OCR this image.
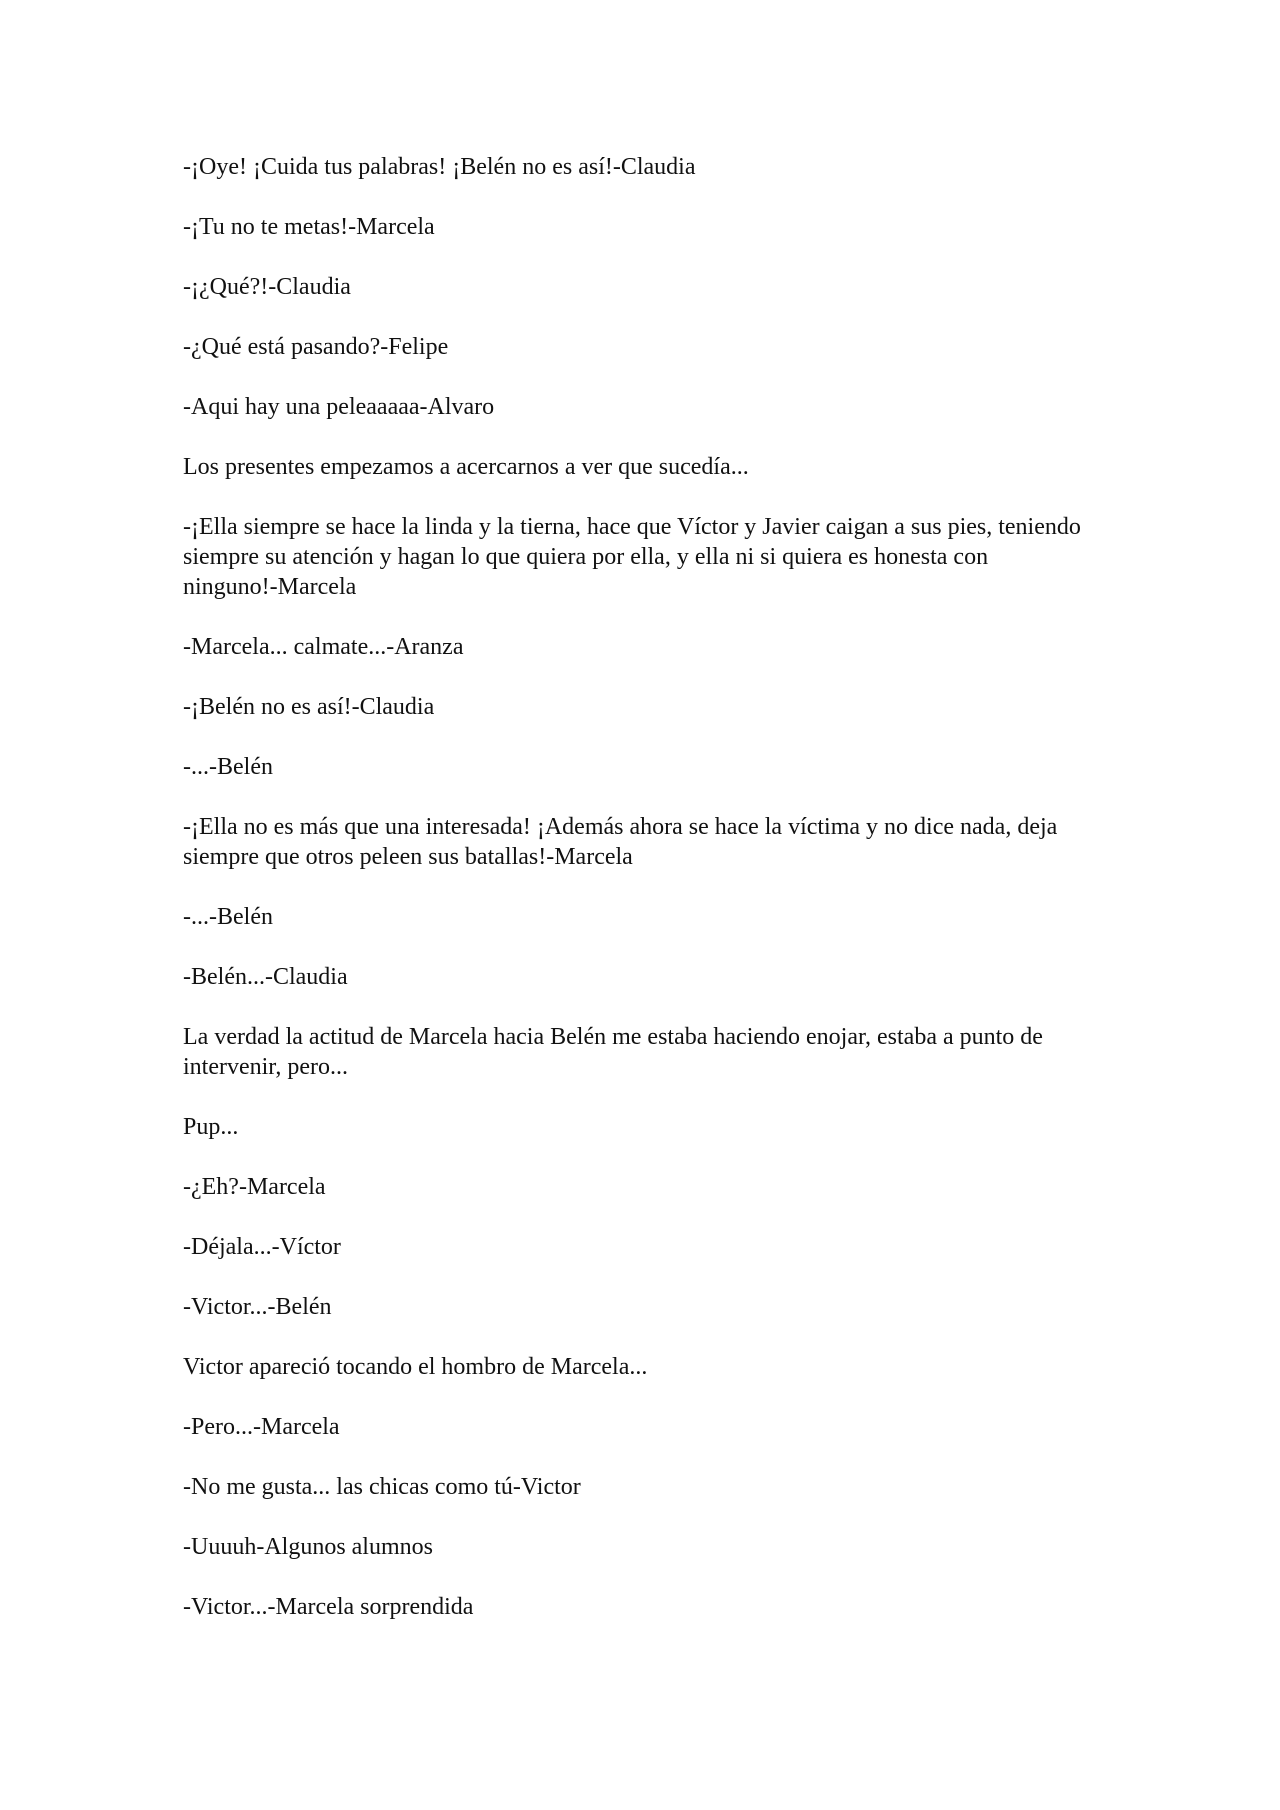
-¡Oye! ¡Cuida tus palabras! ¡Belén no es así!-Claudia

-¡Tu no te metas!-Marcela

-¡¿Qué?!-Claudia

-¿Qué está pasando?-Felipe

-Aqui hay una peleaaaaa-Alvaro

Los presentes empezamos a acercarnos a ver que sucedía...

-¡Ella siempre se hace la linda y la tierna, hace que Víctor y Javier caigan a sus pies, teniendo siempre su atención y hagan lo que quiera por ella, y ella ni si quiera es honesta con ninguno!-Marcela

-Marcela... calmate...-Aranza

-¡Belén no es así!-Claudia

-...-Belén

-¡Ella no es más que una interesada! ¡Además ahora se hace la víctima y no dice nada, deja siempre que otros peleen sus batallas!-Marcela

-...-Belén

-Belén...-Claudia

La verdad la actitud de Marcela hacia Belén me estaba haciendo enojar, estaba a punto de intervenir, pero...

Pup...

-¿Eh?-Marcela

-Déjala...-Víctor

-Victor...-Belén

Victor apareció tocando el hombro de Marcela...

-Pero...-Marcela

-No me gusta... las chicas como tú-Victor

-Uuuuh-Algunos alumnos

-Victor...-Marcela sorprendida
